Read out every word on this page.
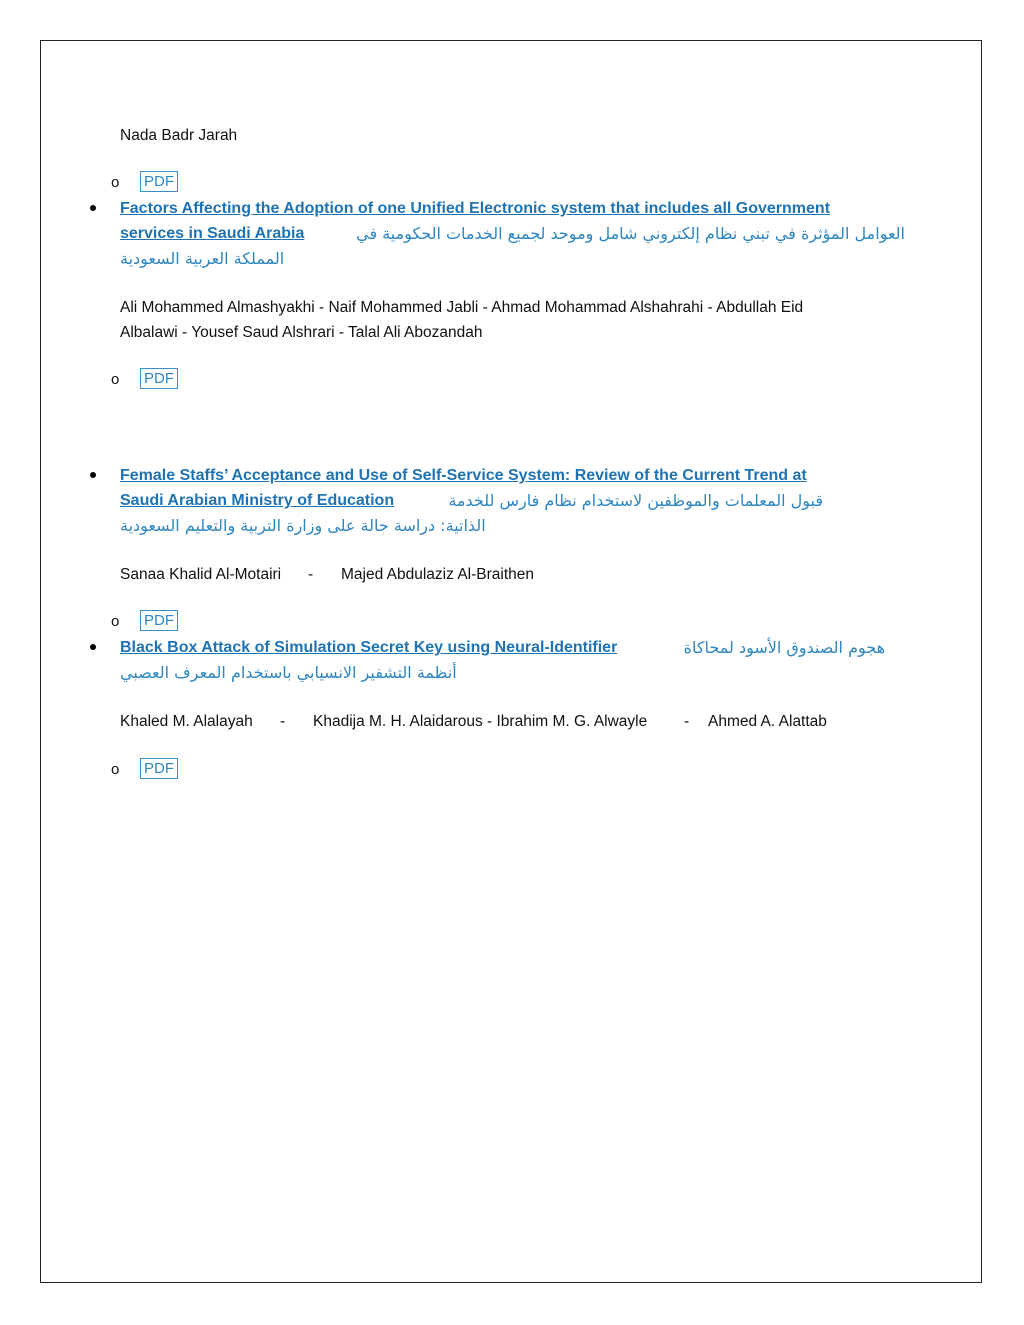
Nada Badr Jarah
o PDF
Factors Affecting the Adoption of one Unified Electronic system that includes all Government
services in Saudi Arabia	العوامل المؤثرة في تبني نظام إلكتروني شامل وموحد لجميع الخدمات الحكومية في
المملكة العربية السعودية
Ali Mohammed Almashyakhi - Naif Mohammed Jabli - Ahmad Mohammad Alshahrahi - Abdullah Eid
Albalawi - Yousef Saud Alshrari - Talal Ali Abozandah
o PDF
Female Staffs’ Acceptance and Use of Self-Service System: Review of the Current Trend at
Saudi Arabian Ministry of Education	قبول المعلمات والموظفين لاستخدام نظام فارس للخدمة
الذاتية: دراسة حالة على وزارة التربية والتعليم السعودية
Sanaa Khalid Al-Motairi - Majed Abdulaziz Al-Braithen
o PDF
Black Box Attack of Simulation Secret Key using Neural-Identifier	هجوم الصندوق الأسود لمحاكاة
أنظمة التشفير الانسيابي باستخدام المعرف العصبي
Khaled M. Alalayah - Khadija M. H. Alaidarous - Ibrahim M. G. Alwayle - Ahmed A. Alattab
o PDF
